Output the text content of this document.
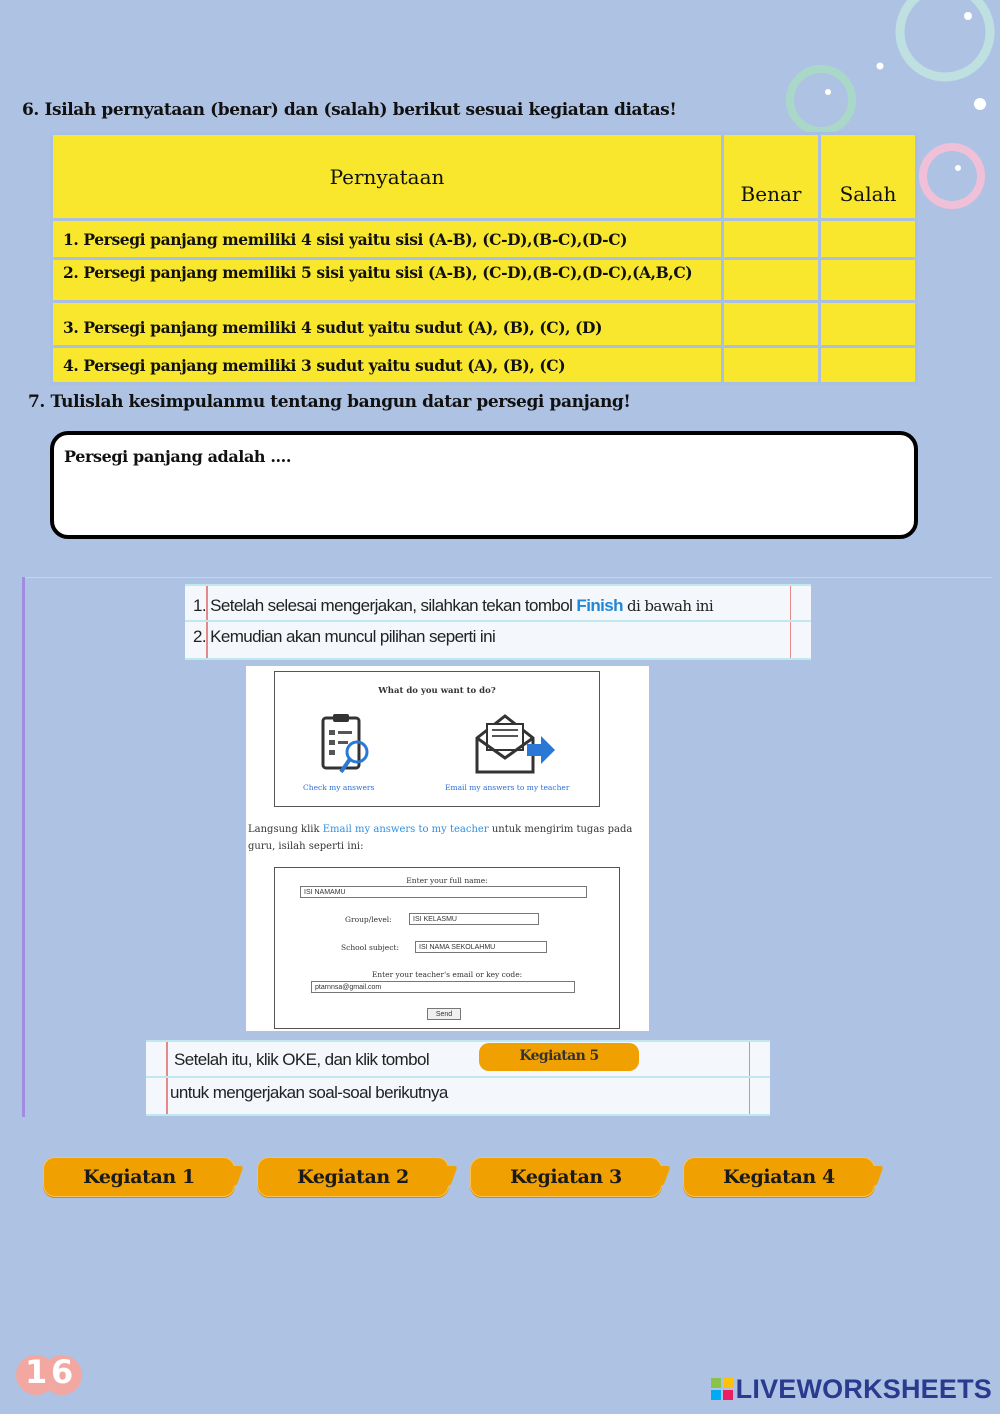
6. Isilah pernyataan (benar) dan (salah) berikut sesuai kegiatan diatas!
Pernyataan	Benar	Salah
1. Persegi panjang memiliki 4 sisi yaitu sisi (A-B), (C-D),(B-C),(D-C)		
2. Persegi panjang memiliki 5 sisi yaitu sisi (A-B), (C-D),(B-C),(D-C),(A,B,C)		
3. Persegi panjang memiliki 4 sudut yaitu sudut (A), (B), (C), (D)		
4. Persegi panjang memiliki 3 sudut yaitu sudut (A), (B), (C)		
7. Tulislah kesimpulanmu tentang bangun datar persegi panjang!
Persegi panjang adalah ....
1. Setelah selesai mengerjakan, silahkan tekan tombol Finish di bawah ini
2. Kemudian akan muncul pilihan seperti ini
What do you want to do?
Check my answers	Email my answers to my teacher
Langsung klik Email my answers to my teacher untuk mengirim tugas pada guru, isilah seperti ini:
Enter your full name:
ISI NAMAMU
Group/level:	ISI KELASMU
School subject:	ISI NAMA SEKOLAHMU
Enter your teacher's email or key code:
ptarnnsa@gmail.com
Send
Setelah itu, klik OKE, dan klik tombol
untuk mengerjakan soal-soal berikutnya
Kegiatan 5
Kegiatan 1	Kegiatan 2	Kegiatan 3	Kegiatan 4
1 6	LIVEWORKSHEETS
